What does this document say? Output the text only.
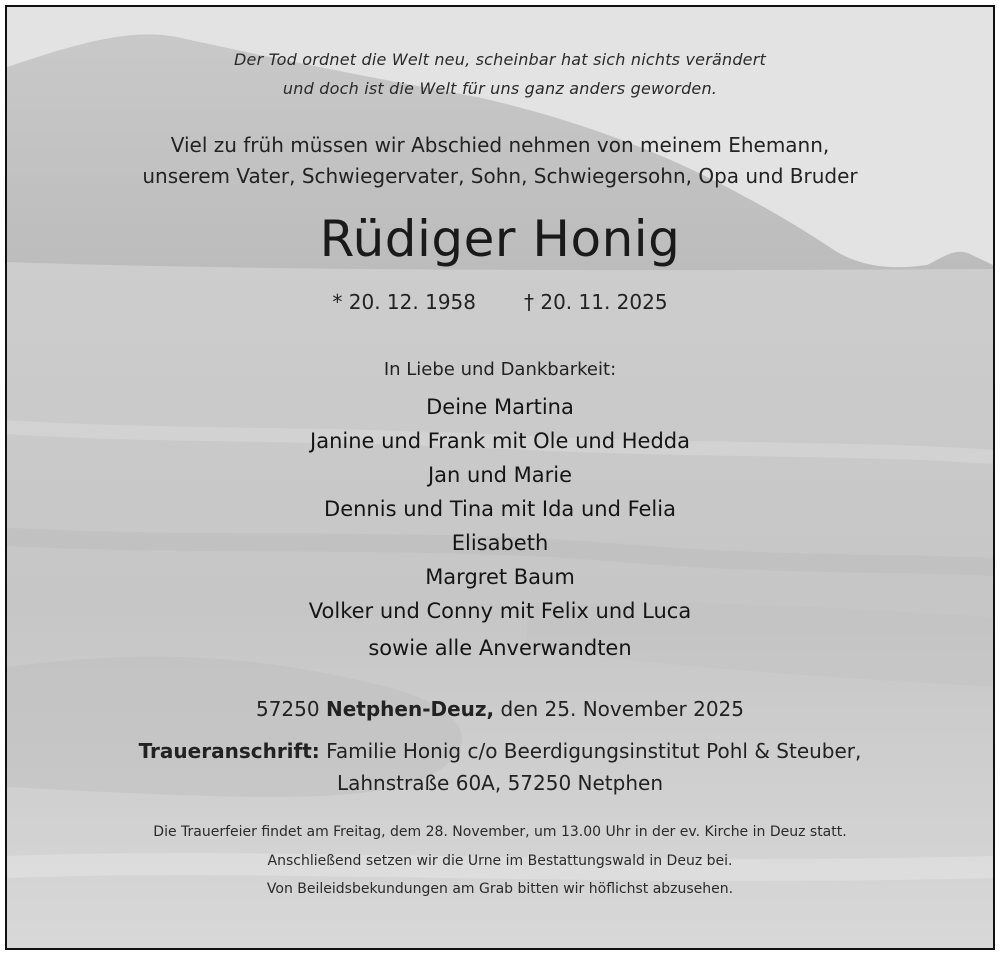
Der Tod ordnet die Welt neu, scheinbar hat sich nichts verändert
und doch ist die Welt für uns ganz anders geworden.
Viel zu früh müssen wir Abschied nehmen von meinem Ehemann,
unserem Vater, Schwiegervater, Sohn, Schwiegersohn, Opa und Bruder
Rüdiger Honig
* 20. 12. 1958 † 20. 11. 2025
In Liebe und Dankbarkeit:
Deine Martina
Janine und Frank mit Ole und Hedda
Jan und Marie
Dennis und Tina mit Ida und Felia
Elisabeth
Margret Baum
Volker und Conny mit Felix und Luca
sowie alle Anverwandten
57250 Netphen-Deuz, den 25. November 2025
Traueranschrift: Familie Honig c/o Beerdigungsinstitut Pohl & Steuber,
Lahnstraße 60A, 57250 Netphen
Die Trauerfeier findet am Freitag, dem 28. November, um 13.00 Uhr in der ev. Kirche in Deuz statt.
Anschließend setzen wir die Urne im Bestattungswald in Deuz bei.
Von Beileidsbekundungen am Grab bitten wir höflichst abzusehen.
